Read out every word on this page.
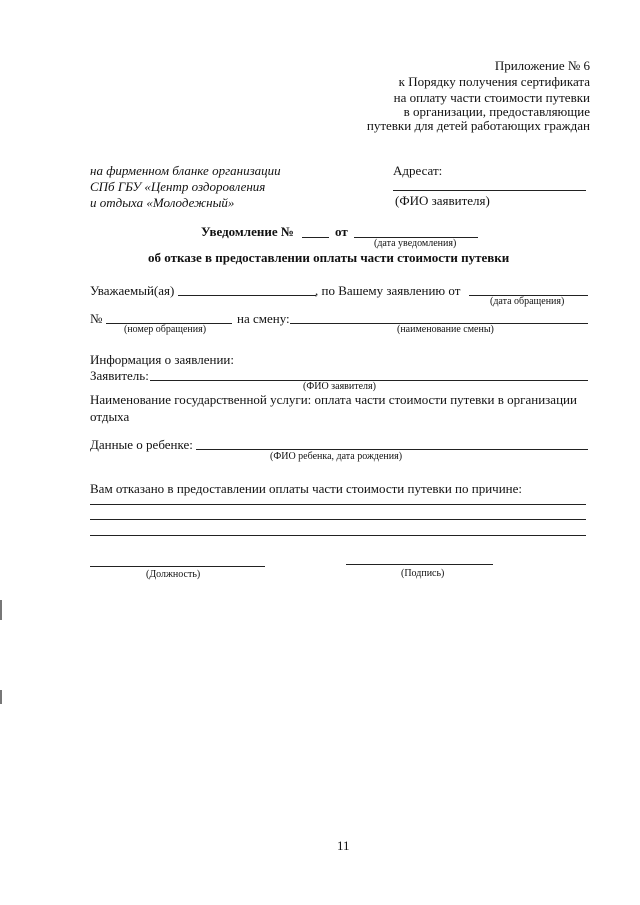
Приложение № 6
к Порядку получения сертификата
на оплату части стоимости путевки
в организации, предоставляющие
путевки для детей работающих граждан
на фирменном бланке организации
СПб ГБУ «Центр оздоровления
и отдыха «Молодежный»
Адресат:
(ФИО заявителя)
Уведомление №	от
(дата уведомления)
об отказе в предоставлении оплаты части стоимости путевки
Уважаемый(ая)	, по Вашему заявлению от
(дата обращения)
№	на смену:
(номер обращения)	(наименование смены)
Информация о заявлении:
Заявитель:
(ФИО заявителя)
Наименование государственной услуги: оплата части стоимости путевки в организации
отдыха
Данные о ребенке:
(ФИО ребенка, дата рождения)
Вам отказано в предоставлении оплаты части стоимости путевки по причине:
(Должность)	(Подпись)
11
